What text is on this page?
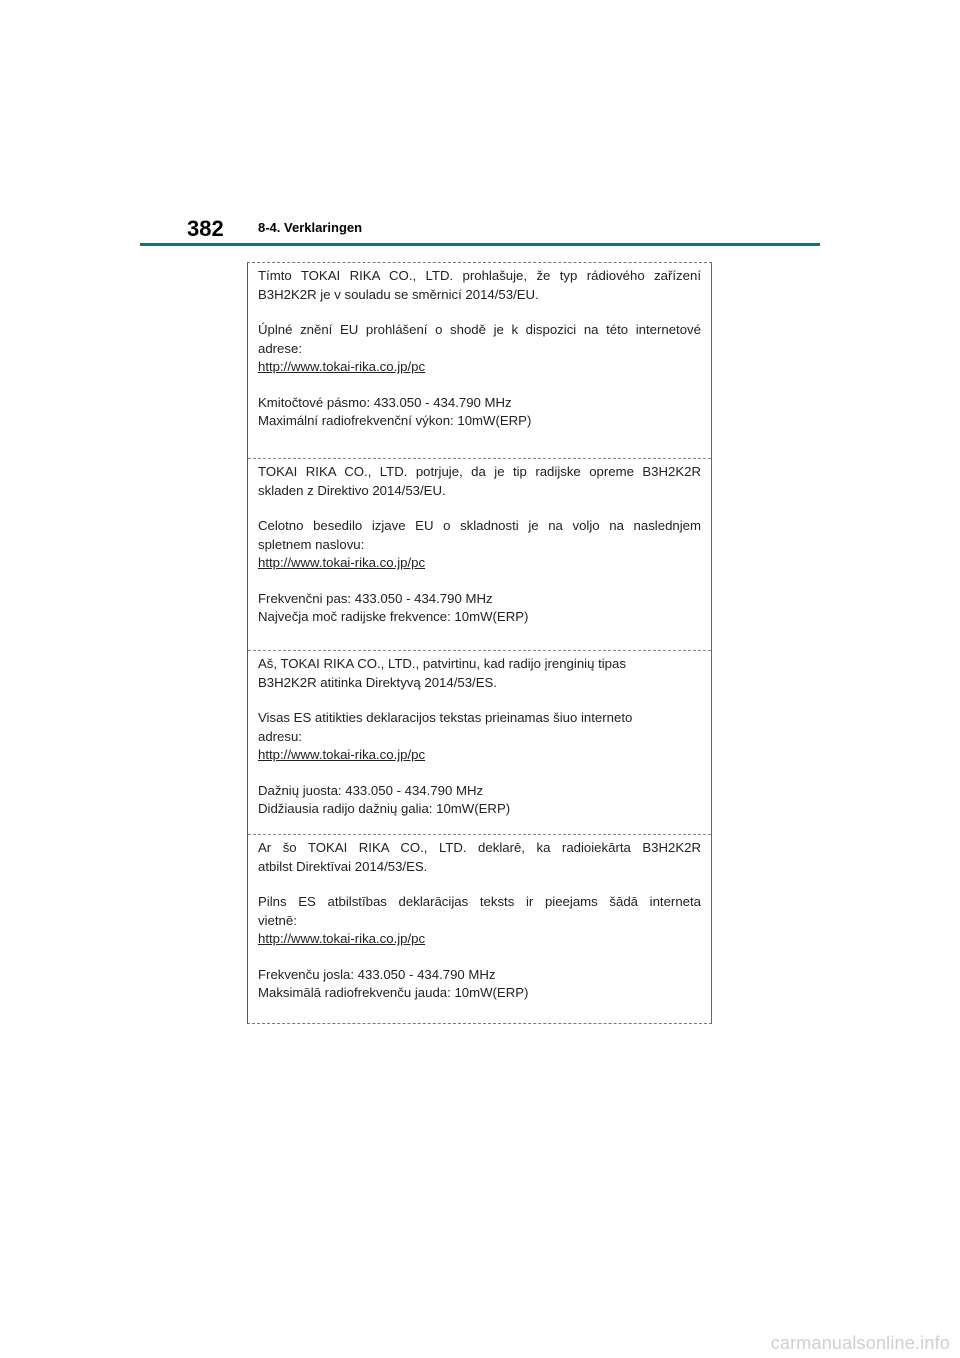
382	8-4. Verklaringen

Tímto TOKAI RIKA CO., LTD. prohlašuje, že typ rádiového zařízení

B3H2K2R je v souladu se směrnicí 2014/53/EU.

Úplné znění EU prohlášení o shodě je k dispozici na této internetové

adrese:

http://www.tokai-rika.co.jp/pc

Kmitočtové pásmo: 433.050 - 434.790 MHz

Maximální radiofrekvenční výkon: 10mW(ERP)

TOKAI RIKA CO., LTD. potrjuje, da je tip radijske opreme B3H2K2R

skladen z Direktivo 2014/53/EU.

Celotno besedilo izjave EU o skladnosti je na voljo na naslednjem

spletnem naslovu:

http://www.tokai-rika.co.jp/pc

Frekvenčni pas: 433.050 - 434.790 MHz

Največja moč radijske frekvence: 10mW(ERP)

Aš, TOKAI RIKA CO., LTD., patvirtinu, kad radijo įrenginių tipas

B3H2K2R atitinka Direktyvą 2014/53/ES.

Visas ES atitikties deklaracijos tekstas prieinamas šiuo interneto

adresu:

http://www.tokai-rika.co.jp/pc

Dažnių juosta: 433.050 - 434.790 MHz

Didžiausia radijo dažnių galia: 10mW(ERP)

Ar šo TOKAI RIKA CO., LTD. deklarē, ka radioiekārta B3H2K2R

atbilst Direktīvai 2014/53/ES.

Pilns ES atbilstības deklarācijas teksts ir pieejams šādā interneta

vietnē:

http://www.tokai-rika.co.jp/pc

Frekvenču josla: 433.050 - 434.790 MHz

Maksimālā radiofrekvenču jauda: 10mW(ERP)

carmanualsonline.info
